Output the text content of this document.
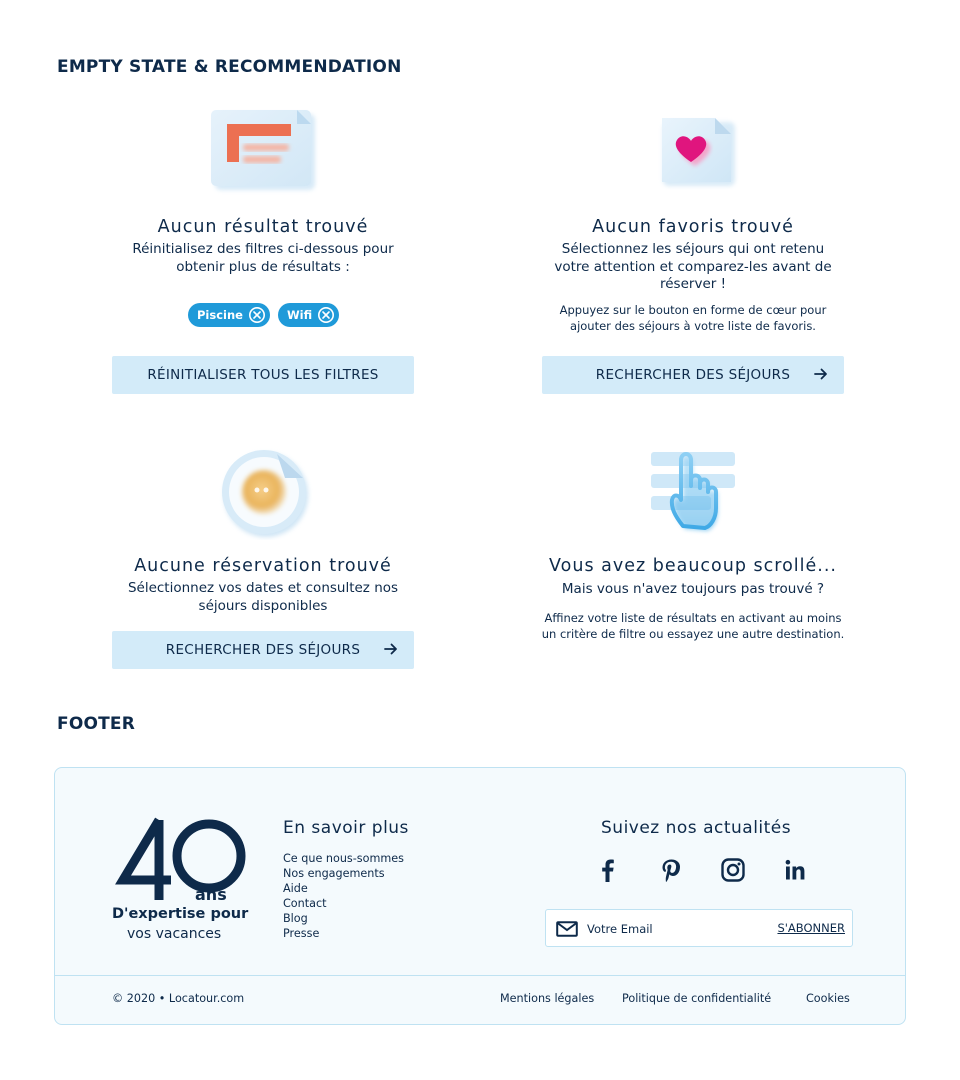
EMPTY STATE & RECOMMENDATION
Aucun résultat trouvé
Réinitialisez des filtres ci-dessous pour
obtenir plus de résultats :
Piscine	Wifi
RÉINITIALISER TOUS LES FILTRES
Aucun favoris trouvé
Sélectionnez les séjours qui ont retenu
votre attention et comparez-les avant de
réserver !
Appuyez sur le bouton en forme de cœur pour
ajouter des séjours à votre liste de favoris.
RECHERCHER DES SÉJOURS
Aucune réservation trouvé
Sélectionnez vos dates et consultez nos
séjours disponibles
RECHERCHER DES SÉJOURS
Vous avez beaucoup scrollé...
Mais vous n'avez toujours pas trouvé ?
Affinez votre liste de résultats en activant au moins
un critère de filtre ou essayez une autre destination.
FOOTER
ans
D'expertise pour
vos vacances
En savoir plus
Ce que nous-sommes
Nos engagements
Aide
Contact
Blog
Presse
Suivez nos actualités
Votre Email	S'ABONNER
© 2020 • Locatour.com	Mentions légales Politique de confidentialité	Cookies
